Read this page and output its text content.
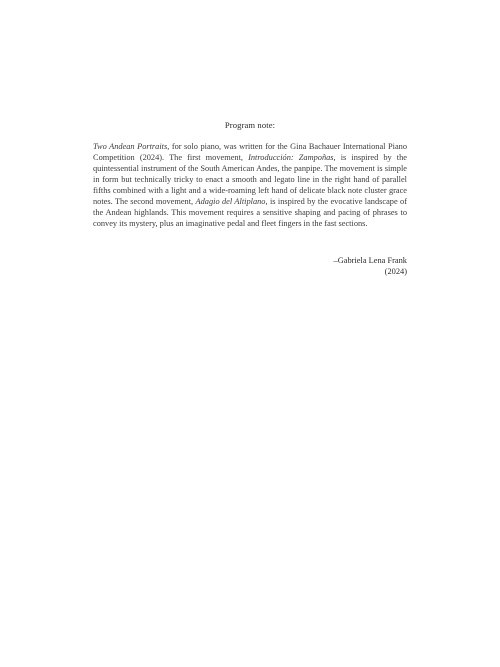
Program note:

Two Andean Portraits, for solo piano, was written for the Gina Bachauer International Piano Competition (2024). The first movement, Introducción: Zampoñas, is inspired by the quintessential instrument of the South American Andes, the panpipe. The movement is simple in form but technically tricky to enact a smooth and legato line in the right hand of parallel fifths combined with a light and a wide-roaming left hand of delicate black note cluster grace notes. The second movement, Adagio del Altiplano, is inspired by the evocative landscape of the Andean highlands. This movement requires a sensitive shaping and pacing of phrases to convey its mystery, plus an imaginative pedal and fleet fingers in the fast sections.

–Gabriela Lena Frank
(2024)
